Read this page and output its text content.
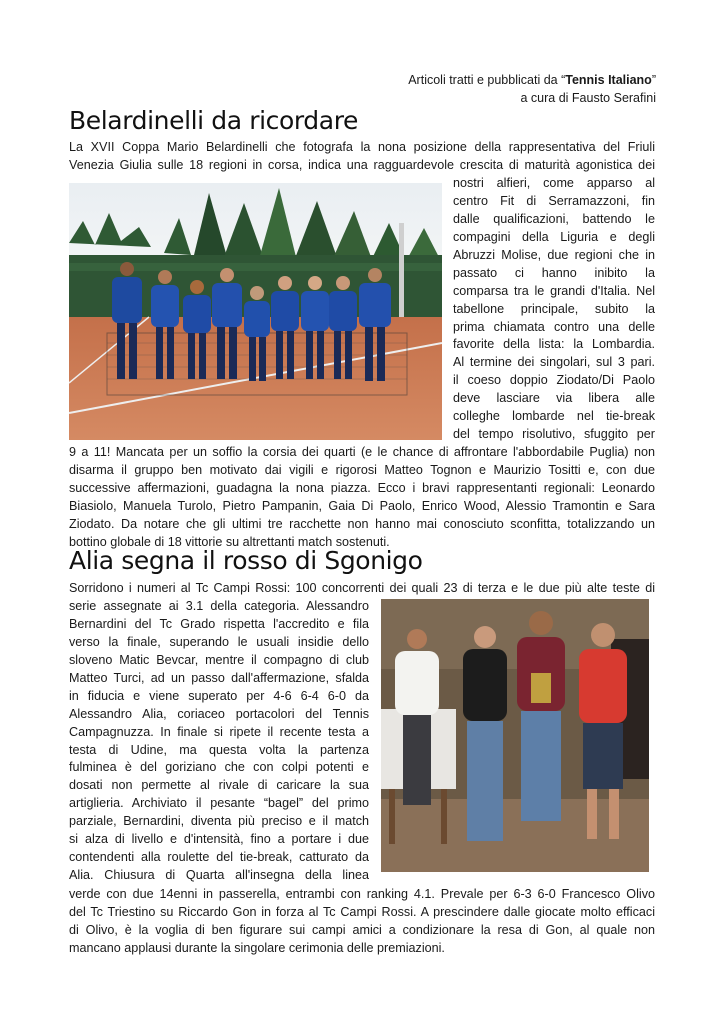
Articoli tratti e pubblicati da “Tennis Italiano”
a cura di Fausto Serafini
Belardinelli da ricordare
La XVII Coppa Mario Belardinelli che fotografa la nona posizione della rappresentativa del Friuli
Venezia Giulia sulle 18 regioni in corsa, indica una ragguardevole crescita di maturità agonistica dei
nostri alfieri, come apparso al
centro Fit di Serramazzoni, fin
dalle qualificazioni, battendo le
compagini della Liguria e degli
Abruzzi Molise, due regioni che in
passato ci hanno inibito la
comparsa tra le grandi d'Italia. Nel
tabellone principale, subito la
prima chiamata contro una delle
favorite della lista: la Lombardia.
Al termine dei singolari, sul 3 pari.
il coeso doppio Ziodato/Di Paolo
deve lasciare via libera alle
colleghe lombarde nel tie-break
del tempo risolutivo, sfuggito per
9 a 11! Mancata per un soffio la corsia dei quarti (e le chance di affrontare l'abbordabile Puglia) non
disarma il gruppo ben motivato dai vigili e rigorosi Matteo Tognon e Maurizio Tositti e, con due
successive affermazioni, guadagna la nona piazza. Ecco i bravi rappresentanti regionali: Leonardo
Biasiolo, Manuela Turolo, Pietro Pampanin, Gaia Di Paolo, Enrico Wood, Alessio Tramontin e Sara
Ziodato. Da notare che gli ultimi tre racchette non hanno mai conosciuto sconfitta, totalizzando un
bottino globale di 18 vittorie su altrettanti match sostenuti.
Alia segna il rosso di Sgonigo
Sorridono i numeri al Tc Campi Rossi: 100 concorrenti dei quali 23 di terza e le due più alte teste di
serie assegnate ai 3.1 della categoria. Alessandro
Bernardini del Tc Grado rispetta l'accredito e fila
verso la finale, superando le usuali insidie dello
sloveno Matic Bevcar, mentre il compagno di club
Matteo Turci, ad un passo dall'affermazione, sfalda
in fiducia e viene superato per 4-6 6-4 6-0 da
Alessandro Alia, coriaceo portacolori del Tennis
Campagnuzza. In finale si ripete il recente testa a
testa di Udine, ma questa volta la partenza
fulminea è del goriziano che con colpi potenti e
dosati non permette al rivale di caricare la sua
artiglieria. Archiviato il pesante “bagel” del primo
parziale, Bernardini, diventa più preciso e il match
si alza di livello e d'intensità, fino a portare i due
contendenti alla roulette del tie-break, catturato da
Alia. Chiusura di Quarta all'insegna della linea
verde con due 14enni in passerella, entrambi con ranking 4.1. Prevale per 6-3 6-0 Francesco Olivo
del Tc Triestino su Riccardo Gon in forza al Tc Campi Rossi. A prescindere dalle giocate molto efficaci
di Olivo, è la voglia di ben figurare sui campi amici a condizionare la resa di Gon, al quale non
mancano applausi durante la singolare cerimonia delle premiazioni.
